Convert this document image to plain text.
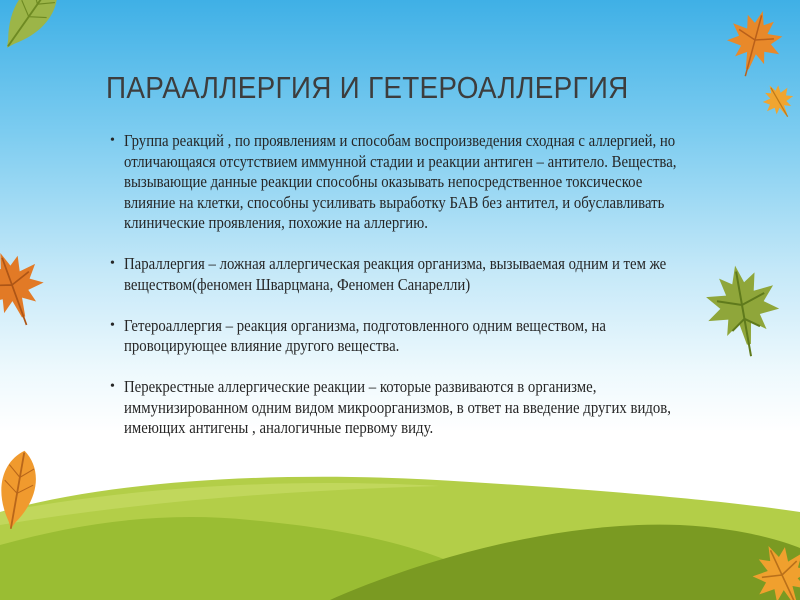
ПАРААЛЛЕРГИЯ И ГЕТЕРОАЛЛЕРГИЯ
• Группа реакций , по проявлениям и способам воспроизведения сходная с аллергией, но отличающаяся отсутствием иммунной стадии и реакции антиген – антитело. Вещества, вызывающие данные реакции способны оказывать непосредственное токсическое влияние на клетки, способны усиливать выработку БАВ без антител, и обуславливать клинические проявления, похожие на аллергию.
• Параллергия – ложная аллергическая реакция организма, вызываемая одним и тем же веществом(феномен Шварцмана, Феномен Санарелли)
• Гетероаллергия – реакция организма, подготовленного одним веществом, на провоцирующее влияние другого вещества.
• Перекрестные аллергические реакции – которые развиваются в организме, иммунизированном одним видом микроорганизмов, в ответ на введение других видов, имеющих антигены , аналогичные первому виду.
